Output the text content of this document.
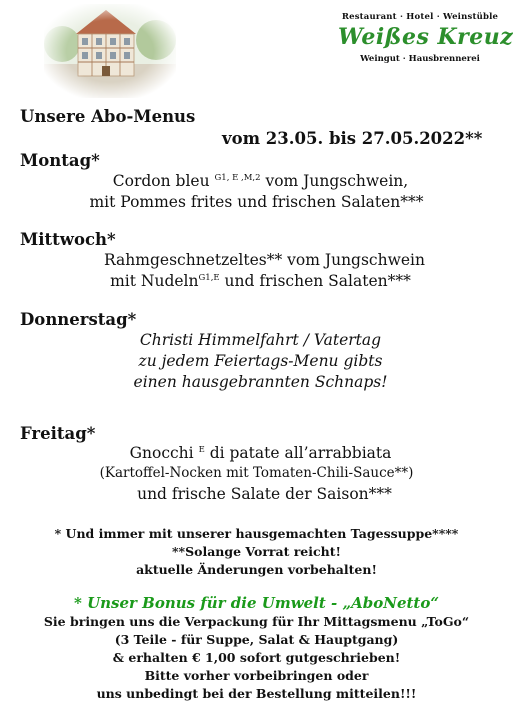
Restaurant · Hotel · Weinstüble
Weißes Kreuz
Weingut · Hausbrennerei
Unsere Abo-Menus
vom 23.05. bis 27.05.2022**
Montag*
Cordon bleu $^{G1, E ,M,2}$ vom Jungschwein,
mit Pommes frites und frischen Salaten***
Mittwoch*
Rahmgeschnetzeltes** vom Jungschwein
mit Nudeln$^{G1,E}$ und frischen Salaten***
Donnerstag*
Christi Himmelfahrt / Vatertag
zu jedem Feiertags-Menu gibts
einen hausgebrannten Schnaps!
Freitag*
Gnocchi $^E$ di patate all’arrabbiata
(Kartoffel-Nocken mit Tomaten-Chili-Sauce**)
und frische Salate der Saison***
* Und immer mit unserer hausgemachten Tagessuppe****
**Solange Vorrat reicht!
aktuelle Änderungen vorbehalten!
* Unser Bonus für die Umwelt - „AboNetto“
Sie bringen uns die Verpackung für Ihr Mittagsmenu „ToGo“
(3 Teile - für Suppe, Salat & Hauptgang)
& erhalten € 1,00 sofort gutgeschrieben!
Bitte vorher vorbeibringen oder
uns unbedingt bei der Bestellung mitteilen!!!
